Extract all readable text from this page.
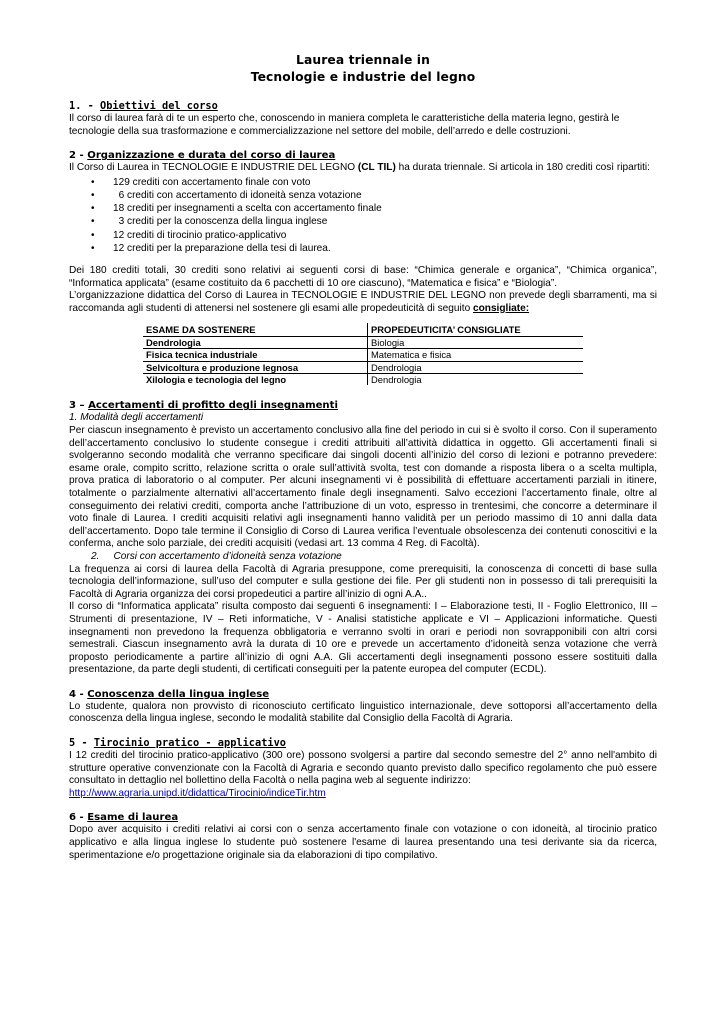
Laurea triennale in
Tecnologie e industrie del legno
1. - Obiettivi del corso

Il corso di laurea farà di te un esperto che, conoscendo in maniera completa le caratteristiche della materia legno, gestirà le tecnologie della sua trasformazione e commercializzazione nel settore del mobile, dell’arredo e delle costruzioni.

2 - Organizzazione e durata del corso di laurea

Il Corso di Laurea in TECNOLOGIE E INDUSTRIE DEL LEGNO (CL TIL) ha durata triennale. Si articola in 180 crediti così ripartiti:

• 129 crediti con accertamento finale con voto
•   6 crediti con accertamento di idoneità senza votazione
• 18 crediti per insegnamenti a scelta con accertamento finale
•   3 crediti per la conoscenza della lingua inglese
• 12 crediti di tirocinio pratico-applicativo
• 12 crediti per la preparazione della tesi di laurea.

Dei 180 crediti totali, 30 crediti sono relativi ai seguenti corsi di base: “Chimica generale e organica”, “Chimica organica”, “Informatica applicata” (esame costituito da 6 pacchetti di 10 ore ciascuno), “Matematica e fisica” e “Biologia”.

L’organizzazione didattica del Corso di Laurea in TECNOLOGIE E INDUSTRIE DEL LEGNO non prevede degli sbarramenti, ma si raccomanda agli studenti di attenersi nel sostenere gli esami alle propedeuticità di seguito consigliate:

ESAME DA SOSTENERE	PROPEDEUTICITA’ CONSIGLIATE
Dendrologia	Biologia
Fisica tecnica industriale	Matematica e fisica
Selvicoltura e produzione legnosa	Dendrologia
Xilologia e tecnologia del legno	Dendrologia
3 – Accertamenti di profitto degli insegnamenti
1. Modalità degli accertamenti

Per ciascun insegnamento è previsto un accertamento conclusivo alla fine del periodo in cui si è svolto il corso. Con il superamento dell’accertamento conclusivo lo studente consegue i crediti attribuiti all’attività didattica in oggetto. Gli accertamenti finali si svolgeranno secondo modalità che verranno specificare dai singoli docenti all’inizio del corso di lezioni e potranno prevedere: esame orale, compito scritto, relazione scritta o orale sull’attività svolta, test con domande a risposta libera o a scelta multipla, prova pratica di laboratorio o al computer. Per alcuni insegnamenti vi è possibilità di effettuare accertamenti parziali in itinere, totalmente o parzialmente alternativi all’accertamento finale degli insegnamenti. Salvo eccezioni l’accertamento finale, oltre al conseguimento dei relativi crediti, comporta anche l’attribuzione di un voto, espresso in trentesimi, che concorre a determinare il voto finale di Laurea. I crediti acquisiti relativi agli insegnamenti hanno validità per un periodo massimo di 10 anni dalla data dell’accertamento. Dopo tale termine il Consiglio di Corso di Laurea verifica l’eventuale obsolescenza dei contenuti conoscitivi e la conferma, anche solo parziale, dei crediti acquisiti (vedasi art. 13 comma 4 Reg. di Facoltà).

2.     Corsi con accertamento d’idoneità senza votazione

La frequenza ai corsi di laurea della Facoltà di Agraria presuppone, come prerequisiti, la conoscenza di concetti di base sulla tecnologia dell’informazione, sull’uso del computer e sulla gestione dei file. Per gli studenti non in possesso di tali prerequisiti la Facoltà di Agraria organizza dei corsi propedeutici a partire all’inizio di ogni A.A..

Il corso di “Informatica applicata” risulta composto dai seguenti 6 insegnamenti: I – Elaborazione testi, II - Foglio Elettronico, III – Strumenti di presentazione, IV – Reti informatiche, V - Analisi statistiche applicate e VI – Applicazioni informatiche. Questi insegnamenti non prevedono la frequenza obbligatoria e verranno svolti in orari e periodi non sovrapponibili con altri corsi semestrali. Ciascun insegnamento avrà la durata di 10 ore e prevede un accertamento d’idoneità senza votazione che verrà proposto periodicamente a partire all’inizio di ogni A.A. Gli accertamenti degli insegnamenti possono essere sostituiti dalla presentazione, da parte degli studenti, di certificati conseguiti per la patente europea del computer (ECDL).

4 - Conoscenza della lingua inglese

Lo studente, qualora non provvisto di riconosciuto certificato linguistico internazionale, deve sottoporsi all’accertamento della conoscenza della lingua inglese, secondo le modalità stabilite dal Consiglio della Facoltà di Agraria.

5 - Tirocinio pratico - applicativo

I 12 crediti del tirocinio pratico-applicativo (300 ore) possono svolgersi a partire dal secondo semestre del 2° anno nell'ambito di strutture operative convenzionate con la Facoltà di Agraria e secondo quanto previsto dallo specifico regolamento che può essere consultato in dettaglio nel bollettino della Facoltà o nella pagina web al seguente indirizzo:

http://www.agraria.unipd.it/didattica/Tirocinio/indiceTir.htm

6 - Esame di laurea

Dopo aver acquisito i crediti relativi ai corsi con o senza accertamento finale con votazione o con idoneità, al tirocinio pratico applicativo e alla lingua inglese lo studente può sostenere l'esame di laurea presentando una tesi derivante sia da ricerca, sperimentazione e/o progettazione originale sia da elaborazioni di tipo compilativo.
